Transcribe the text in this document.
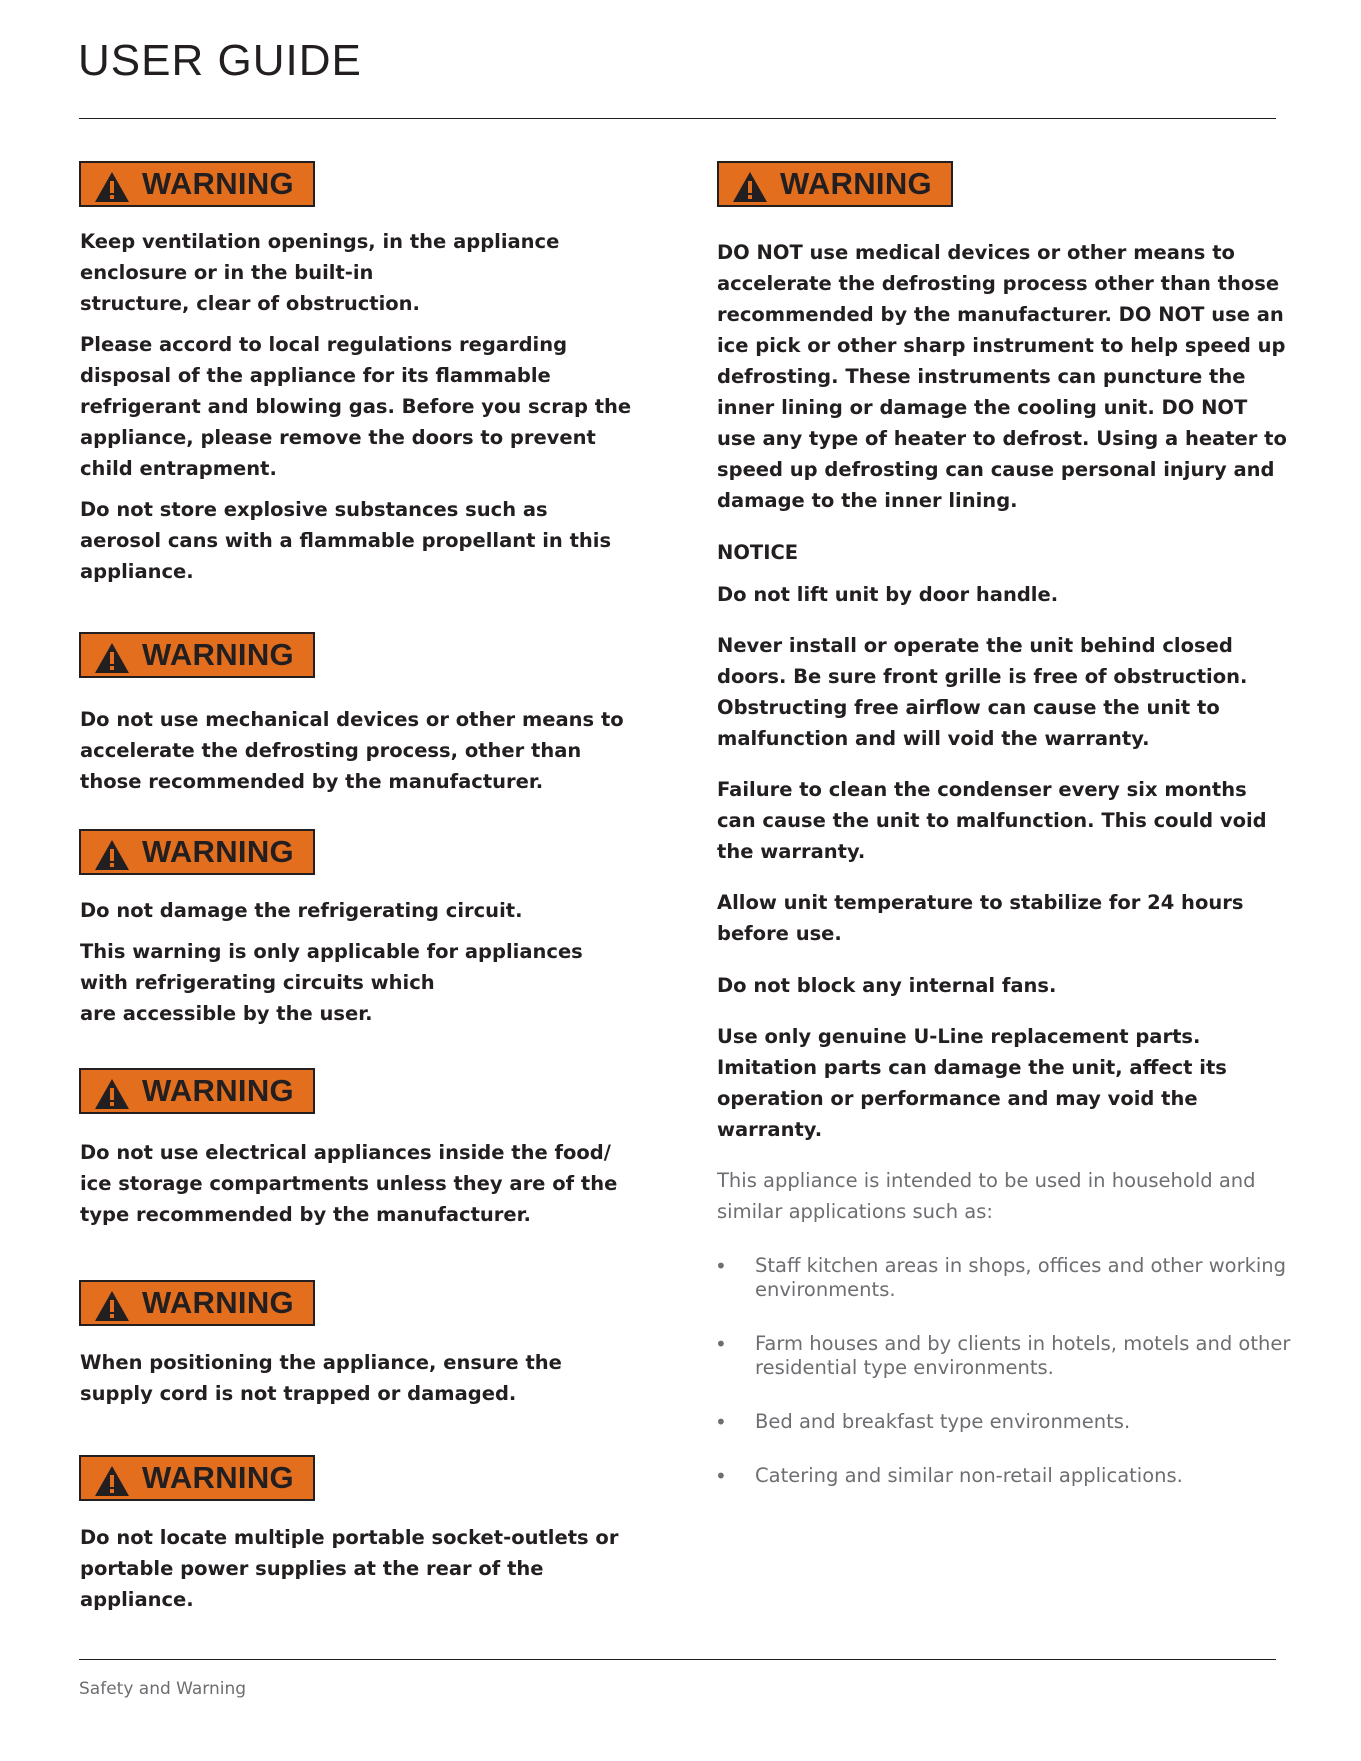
USER GUIDE
WARNING

Keep ventilation openings, in the appliance enclosure or in the built-in

structure, clear of obstruction.

Please accord to local regulations regarding disposal of the appliance for its flammable refrigerant and blowing gas. Before you scrap the appliance, please remove the doors to prevent child entrapment.

Do not store explosive substances such as aerosol cans with a flammable propellant in this appliance.

WARNING

Do not use mechanical devices or other means to accelerate the defrosting process, other than those recommended by the manufacturer.

WARNING

Do not damage the refrigerating circuit.

This warning is only applicable for appliances with refrigerating circuits which

are accessible by the user.

WARNING

Do not use electrical appliances inside the food/ ice storage compartments unless they are of the type recommended by the manufacturer.

WARNING

When positioning the appliance, ensure the supply cord is not trapped or damaged.

WARNING

Do not locate multiple portable socket-outlets or portable power supplies at the rear of the appliance.

WARNING

DO NOT use medical devices or other means to accelerate the defrosting process other than those recommended by the manufacturer. DO NOT use an ice pick or other sharp instrument to help speed up defrosting. These instruments can puncture the inner lining or damage the cooling unit. DO NOT use any type of heater to defrost. Using a heater to speed up defrosting can cause personal injury and damage to the inner lining.

NOTICE

Do not lift unit by door handle.

Never install or operate the unit behind closed doors. Be sure front grille is free of obstruction. Obstructing free airflow can cause the unit to malfunction and will void the warranty.

Failure to clean the condenser every six months can cause the unit to malfunction. This could void the warranty.

Allow unit temperature to stabilize for 24 hours before use.

Do not block any internal fans.

Use only genuine U-Line replacement parts. Imitation parts can damage the unit, affect its operation or performance and may void the warranty.

This appliance is intended to be used in household and similar applications such as:

• Staff kitchen areas in shops, offices and other working environments.

• Farm houses and by clients in hotels, motels and other residential type environments.

• Bed and breakfast type environments.

• Catering and similar non-retail applications.

Safety and Warning
